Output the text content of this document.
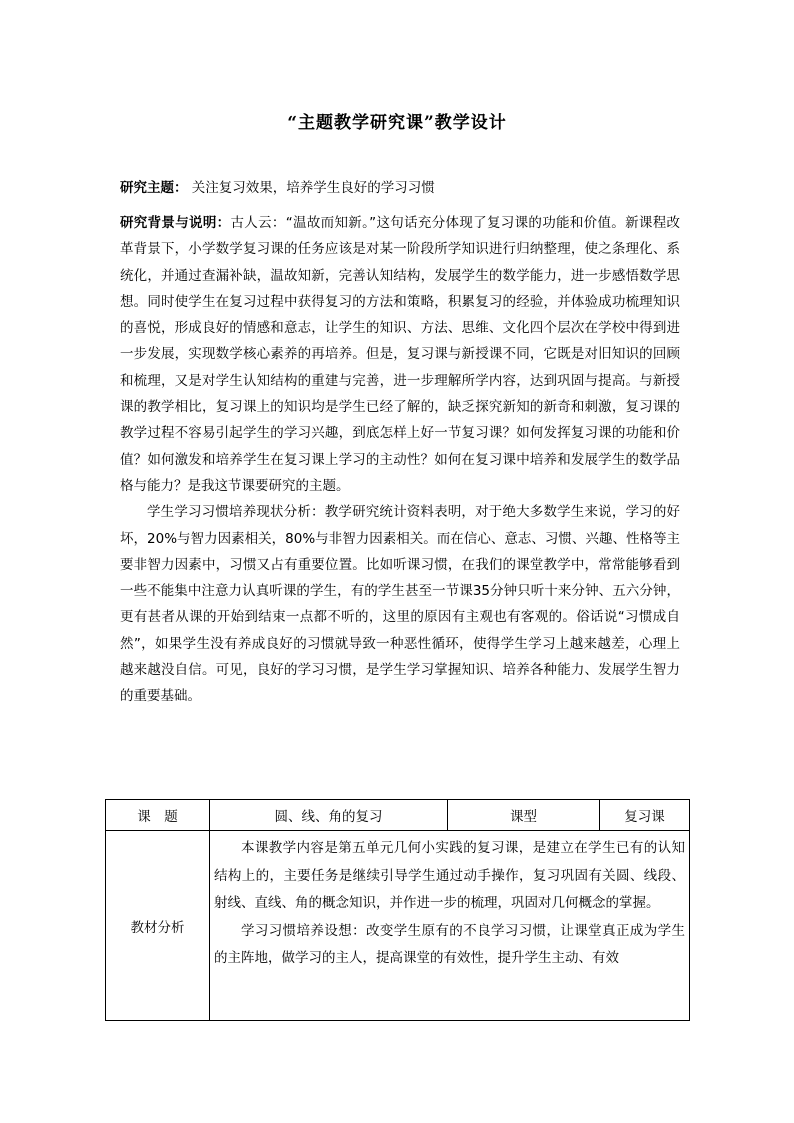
“主题教学研究课”教学设计
研究主题： 关注复习效果，培养学生良好的学习习惯

研究背景与说明：古人云：“温故而知新。”这句话充分体现了复习课的功能和价值。新课程改革背景下，小学数学复习课的任务应该是对某一阶段所学知识进行归纳整理，使之条理化、系统化，并通过查漏补缺，温故知新，完善认知结构，发展学生的数学能力，进一步感悟数学思想。同时使学生在复习过程中获得复习的方法和策略，积累复习的经验，并体验成功梳理知识的喜悦，形成良好的情感和意志，让学生的知识、方法、思维、文化四个层次在学校中得到进一步发展，实现数学核心素养的再培养。但是，复习课与新授课不同，它既是对旧知识的回顾和梳理，又是对学生认知结构的重建与完善，进一步理解所学内容，达到巩固与提高。与新授课的教学相比，复习课上的知识均是学生已经了解的，缺乏探究新知的新奇和刺激，复习课的教学过程不容易引起学生的学习兴趣，到底怎样上好一节复习课？如何发挥复习课的功能和价值？如何激发和培养学生在复习课上学习的主动性？如何在复习课中培养和发展学生的数学品格与能力？是我这节课要研究的主题。

学生学习习惯培养现状分析：教学研究统计资料表明，对于绝大多数学生来说，学习的好坏，20%与智力因素相关，80%与非智力因素相关。而在信心、意志、习惯、兴趣、性格等主要非智力因素中，习惯又占有重要位置。比如听课习惯，在我们的课堂教学中，常常能够看到一些不能集中注意力认真听课的学生，有的学生甚至一节课35分钟只听十来分钟、五六分钟，更有甚者从课的开始到结束一点都不听的，这里的原因有主观也有客观的。俗话说“习惯成自然”，如果学生没有养成良好的习惯就导致一种恶性循环，使得学生学习上越来越差，心理上越来越没自信。可见，良好的学习习惯，是学生学习掌握知识、培养各种能力、发展学生智力的重要基础。

课　题	圆、线、角的复习	课型	复习课
教材分析	本课教学内容是第五单元几何小实践的复习课，是建立在学生已有的认知结构上的，主要任务是继续引导学生通过动手操作，复习巩固有关圆、线段、射线、直线、角的概念知识，并作进一步的梳理，巩固对几何概念的掌握。

学习习惯培养设想：改变学生原有的不良学习习惯，让课堂真正成为学生的主阵地，做学习的主人，提高课堂的有效性，提升学生主动、有效		
